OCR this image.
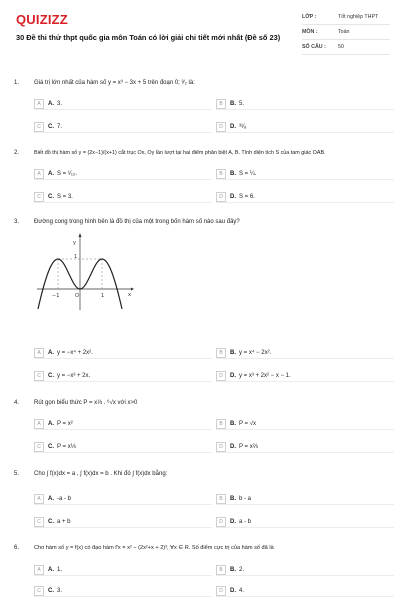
QUIZIZZ
30 Đề thi thử thpt quốc gia môn Toán có lời giải chi tiết mới nhất (Đề số 23)
LỚP :	Tốt nghiệp THPT
MÔN :	Toán
SỐ CÂU :	50
1.	Giá trị lớn nhất của hàm số y = x³ − 3x + 5 trên đoạn 0; ³⁄₂ là:
A	A. 3.	B	B. 5.
C	C. 7.	D	D. ³¹⁄₈
2.	Biết đồ thị hàm số y = (2x−1)/(x+1) cắt trục Ox, Oy lần lượt tại hai điểm phân biệt A, B. Tính diện tích S của tam giác OAB.
A	A. S = ¹⁄₁₂.	B	B. S = ¼.
C	C. S = 3.	D	D. S = 6.
3.	Đường cong trong hình bên là đồ thị của một trong bốn hàm số nào sau đây?
y
x
1
−1	O	1
A	A. y = −x⁴ + 2x².	B	B. y = x⁴ − 2x².
C	C. y = −x³ + 2x.	D	D. y = x³ + 2x² − x − 1.
4.	Rút gọn biểu thức P = x⅓ . ⁶√x với x>0
A	A. P = x²	B	B. P = √x
C	C. P = x⅓	D	D. P = x⅔
5.	Cho ∫ f(x)dx = a , ∫ f(x)dx = b . Khi đó ∫ f(x)dx bằng:
A	A. -a - b	B	B. b - a
C	C. a + b	D	D. a - b
6.	Cho hàm số y = f(x) có đạo hàm f'x = x² − (2x²+x + 2)³, ∀x ∈ R. Số điểm cực trị của hàm số đã là
A	A. 1.	B	B. 2.
C	C. 3.	D	D. 4.
